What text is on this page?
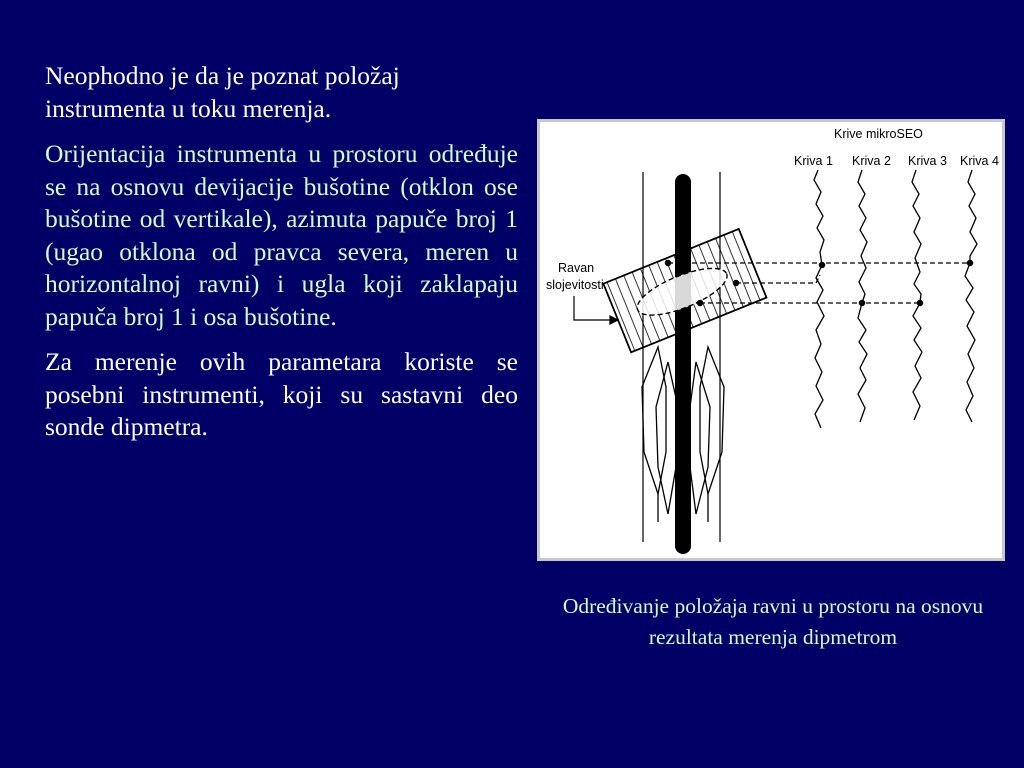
Neophodno je da je poznat položaj instrumenta u toku merenja.

Orijentacija instrumenta u prostoru određuje se na osnovu devijacije bušotine (otklon ose bušotine od vertikale), azimuta papuče broj 1 (ugao otklona od pravca severa, meren u horizontalnoj ravni) i ugla koji zaklapaju papuča broj 1 i osa bušotine.

Za merenje ovih parametara koriste se posebni instrumenti, koji su sastavni deo sonde dipmetra.

Krive mikroSEO
Kriva 1 Kriva 2 Kriva 3 Kriva 4
Ravan
slojevitosti
Određivanje položaja ravni u prostoru na osnovu rezultata merenja dipmetrom
